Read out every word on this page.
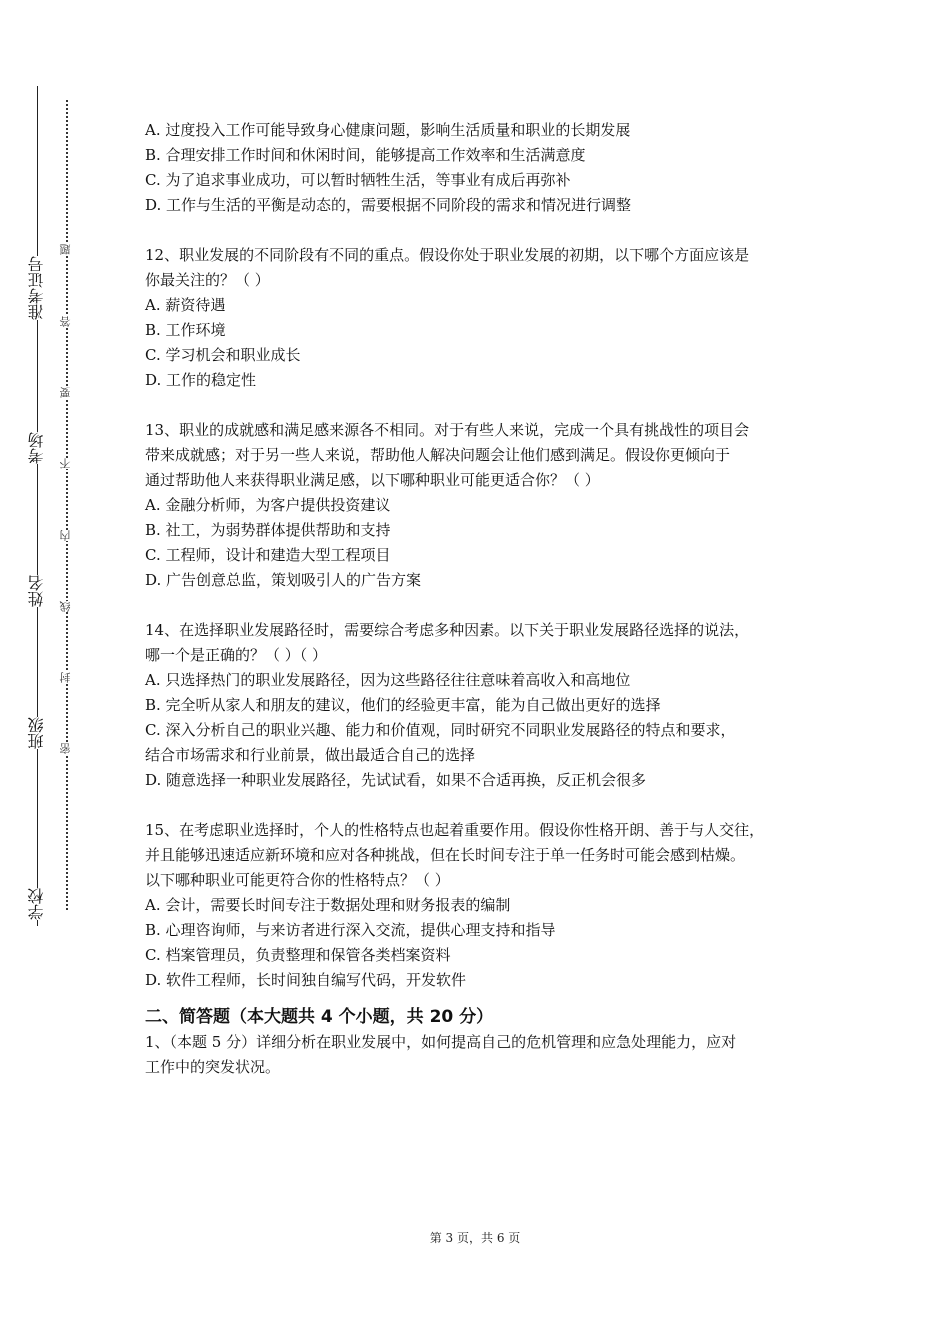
准考证号
考场
姓名
班级
学校
题
答
要
不
内
线
封
密
A. 过度投入工作可能导致身心健康问题，影响生活质量和职业的长期发展
B. 合理安排工作时间和休闲时间，能够提高工作效率和生活满意度
C. 为了追求事业成功，可以暂时牺牲生活，等事业有成后再弥补
D. 工作与生活的平衡是动态的，需要根据不同阶段的需求和情况进行调整
12、职业发展的不同阶段有不同的重点。假设你处于职业发展的初期，以下哪个方面应该是
你最关注的？（ ）
A. 薪资待遇
B. 工作环境
C. 学习机会和职业成长
D. 工作的稳定性
13、职业的成就感和满足感来源各不相同。对于有些人来说，完成一个具有挑战性的项目会
带来成就感；对于另一些人来说，帮助他人解决问题会让他们感到满足。假设你更倾向于
通过帮助他人来获得职业满足感，以下哪种职业可能更适合你？（ ）
A. 金融分析师，为客户提供投资建议
B. 社工，为弱势群体提供帮助和支持
C. 工程师，设计和建造大型工程项目
D. 广告创意总监，策划吸引人的广告方案
14、在选择职业发展路径时，需要综合考虑多种因素。以下关于职业发展路径选择的说法，
哪一个是正确的？（ ）（ ）
A. 只选择热门的职业发展路径，因为这些路径往往意味着高收入和高地位
B. 完全听从家人和朋友的建议，他们的经验更丰富，能为自己做出更好的选择
C. 深入分析自己的职业兴趣、能力和价值观，同时研究不同职业发展路径的特点和要求，
结合市场需求和行业前景，做出最适合自己的选择
D. 随意选择一种职业发展路径，先试试看，如果不合适再换，反正机会很多
15、在考虑职业选择时，个人的性格特点也起着重要作用。假设你性格开朗、善于与人交往，
并且能够迅速适应新环境和应对各种挑战，但在长时间专注于单一任务时可能会感到枯燥。
以下哪种职业可能更符合你的性格特点？（ ）
A. 会计，需要长时间专注于数据处理和财务报表的编制
B. 心理咨询师，与来访者进行深入交流，提供心理支持和指导
C. 档案管理员，负责整理和保管各类档案资料
D. 软件工程师，长时间独自编写代码，开发软件
二、简答题（本大题共 4 个小题，共 20 分）
1、（本题 5 分）详细分析在职业发展中，如何提高自己的危机管理和应急处理能力，应对
工作中的突发状况。
第 3 页，共 6 页
